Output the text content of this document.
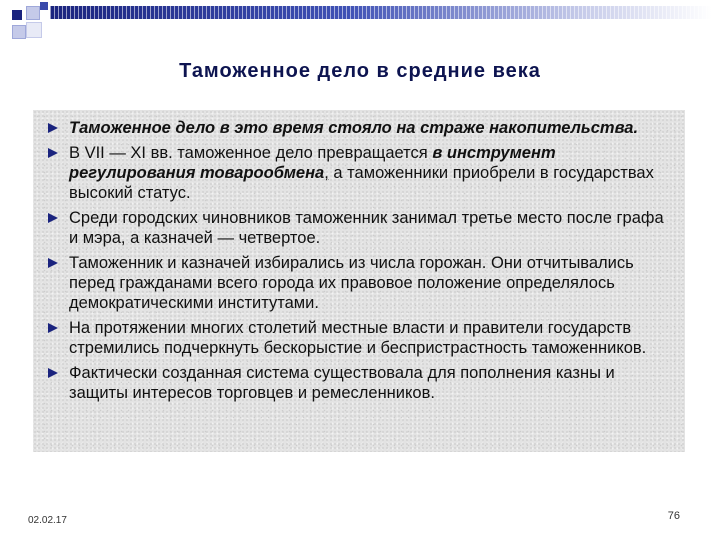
Таможенное дело в средние века
Таможенное дело в это время стояло на страже накопительства.
В VII — XI вв. таможенное дело превращается в инструмент регулирования товарообмена, а таможенники приобрели в государствах высокий статус.
Среди городских чиновников таможенник занимал третье место после графа и мэра, а казначей — четвертое.
Таможенник и казначей избирались из числа горожан. Они отчитывались перед гражданами всего города их правовое положение определялось демократическими институтами.
На протяжении многих столетий местные власти и правители государств стремились подчеркнуть бескорыстие и беспристрастность таможенников.
Фактически созданная система существовала для пополнения казны и защиты интересов торговцев и ремесленников.
02.02.17	76
